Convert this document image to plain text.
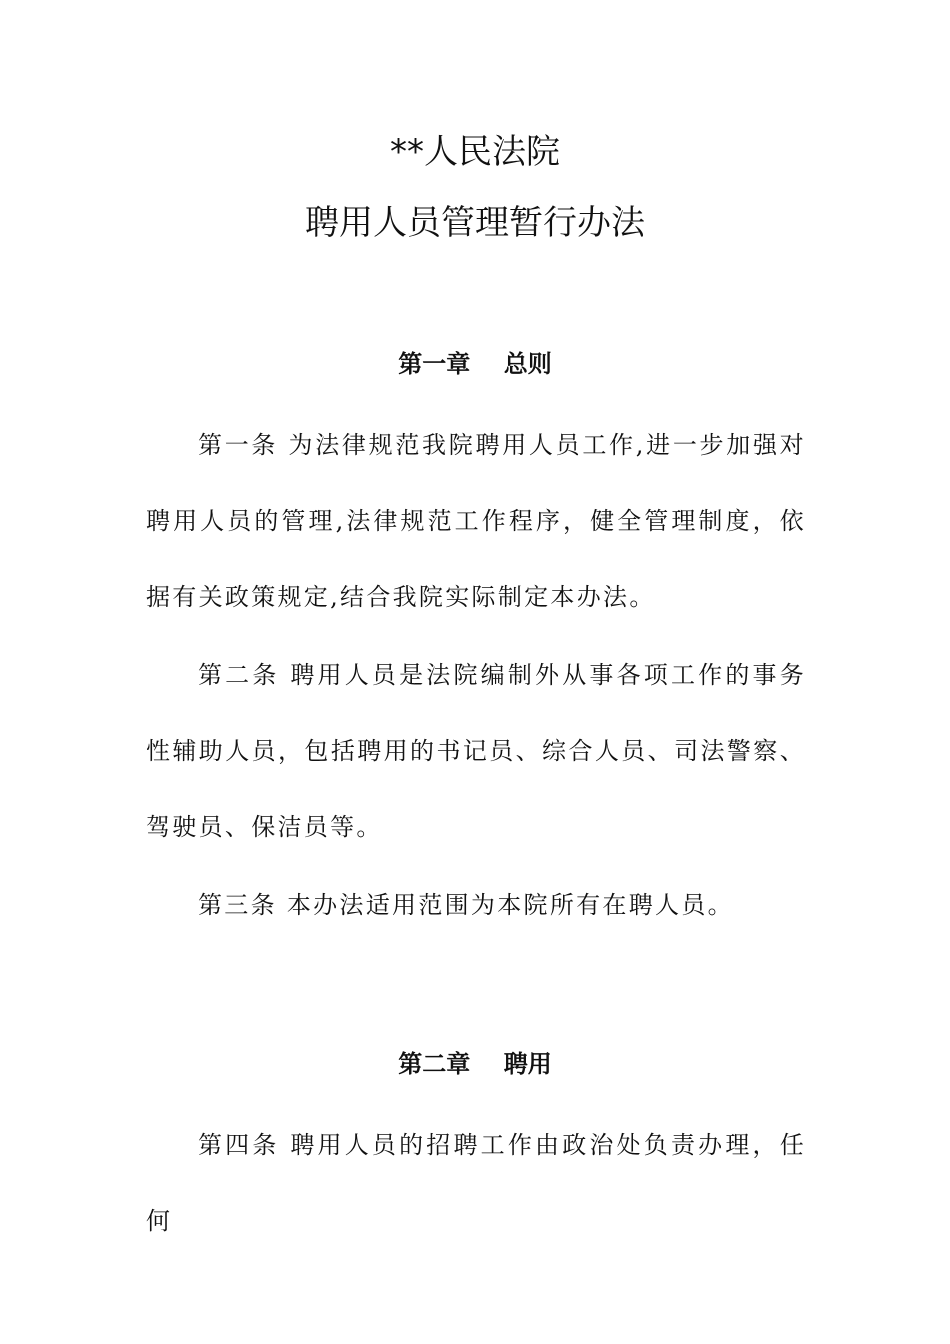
**人民法院
聘用人员管理暂行办法
第一章    总则

第一条 为法律规范我院聘用人员工作,进一步加强对聘用人员的管理,法律规范工作程序，健全管理制度，依据有关政策规定,结合我院实际制定本办法。

第二条 聘用人员是法院编制外从事各项工作的事务性辅助人员，包括聘用的书记员、综合人员、司法警察、驾驶员、保洁员等。

第三条 本办法适用范围为本院所有在聘人员。

第二章    聘用

第四条 聘用人员的招聘工作由政治处负责办理，任何
